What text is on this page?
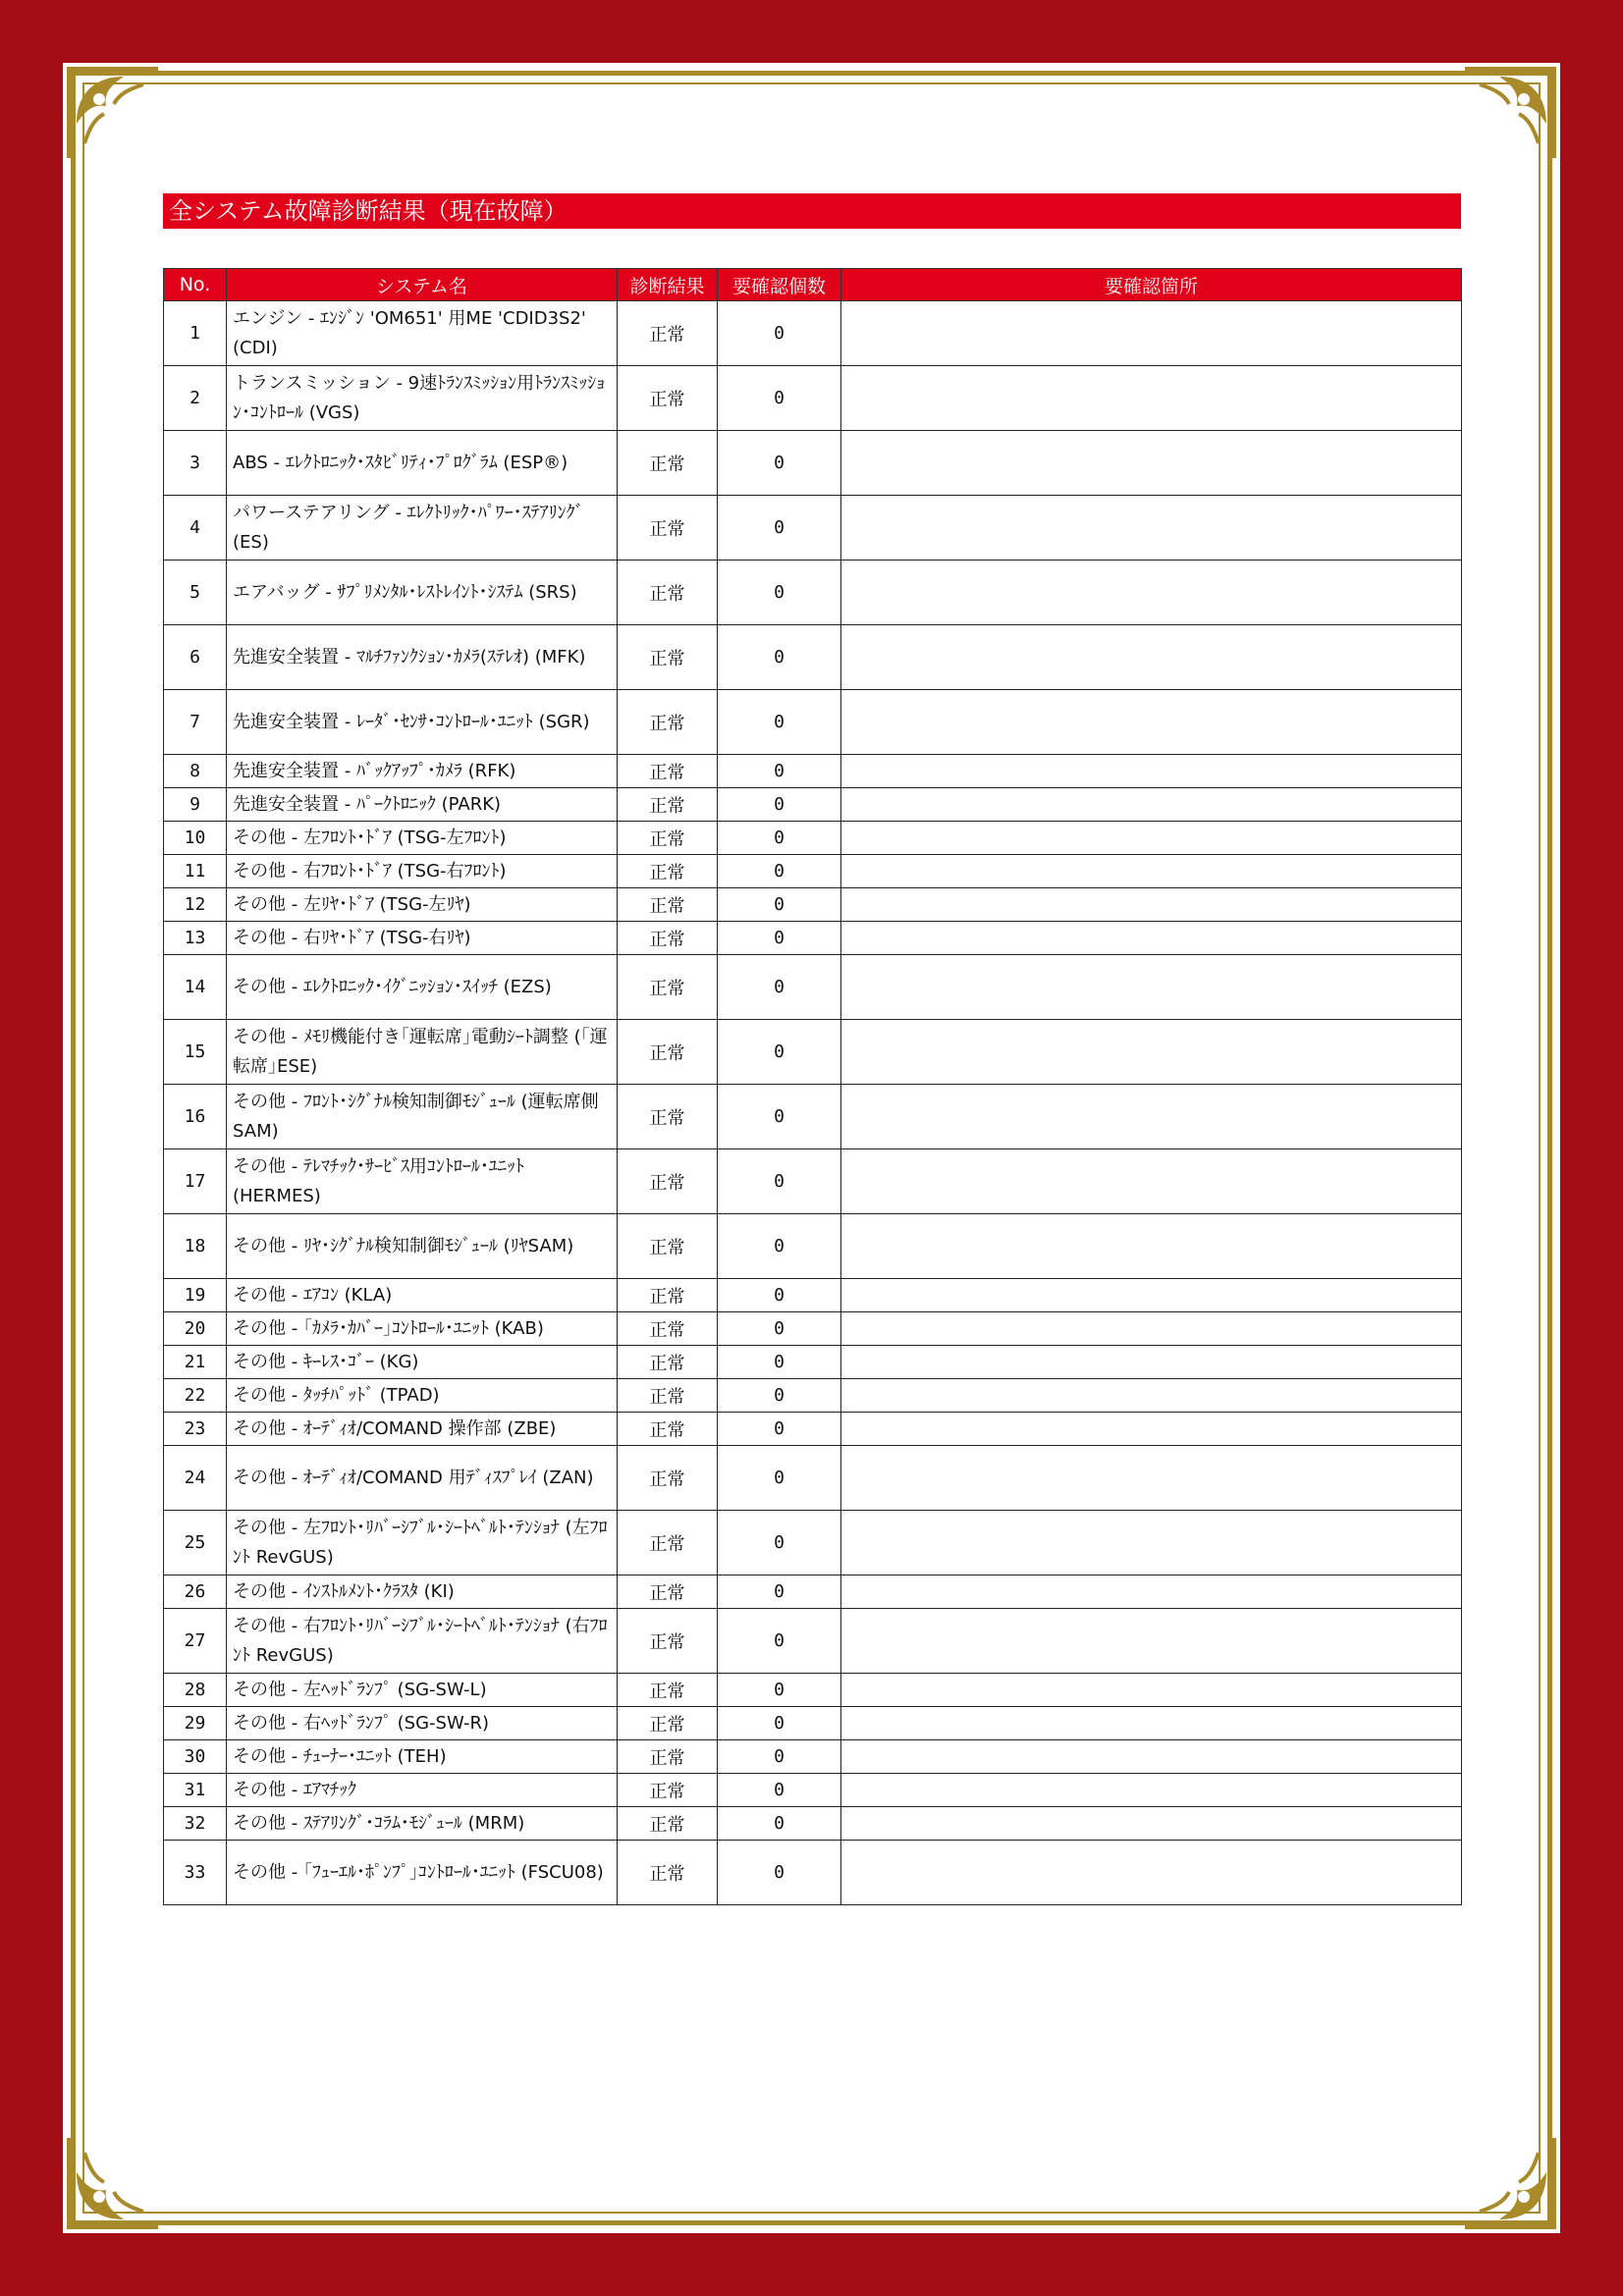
全システム故障診断結果（現在故障）
No.	システム名	診断結果	要確認個数	要確認箇所
1	エンジン - ｴﾝｼﾞﾝ 'OM651' 用ME 'CDID3S2' (CDI)	正常	0	
2	トランスミッション - 9速ﾄﾗﾝｽﾐｯｼｮﾝ用ﾄﾗﾝｽﾐｯｼｮﾝ･ｺﾝﾄﾛｰﾙ (VGS)	正常	0	
3	ABS - ｴﾚｸﾄﾛﾆｯｸ･ｽﾀﾋﾞﾘﾃｨ･ﾌﾟﾛｸﾞﾗﾑ (ESP®)	正常	0	
4	パワーステアリング - ｴﾚｸﾄﾘｯｸ･ﾊﾟﾜｰ･ｽﾃｱﾘﾝｸﾞ (ES)	正常	0	
5	エアバッグ - ｻﾌﾟﾘﾒﾝﾀﾙ･ﾚｽﾄﾚｲﾝﾄ･ｼｽﾃﾑ (SRS)	正常	0	
6	先進安全装置 - ﾏﾙﾁﾌｧﾝｸｼｮﾝ･ｶﾒﾗ(ｽﾃﾚｵ) (MFK)	正常	0	
7	先進安全装置 - ﾚｰﾀﾞ･ｾﾝｻ･ｺﾝﾄﾛｰﾙ･ﾕﾆｯﾄ (SGR)	正常	0	
8	先進安全装置 - ﾊﾞｯｸｱｯﾌﾟ･ｶﾒﾗ (RFK)	正常	0	
9	先進安全装置 - ﾊﾟｰｸﾄﾛﾆｯｸ (PARK)	正常	0	
10	その他 - 左ﾌﾛﾝﾄ･ﾄﾞｱ (TSG-左ﾌﾛﾝﾄ)	正常	0	
11	その他 - 右ﾌﾛﾝﾄ･ﾄﾞｱ (TSG-右ﾌﾛﾝﾄ)	正常	0	
12	その他 - 左ﾘﾔ･ﾄﾞｱ (TSG-左ﾘﾔ)	正常	0	
13	その他 - 右ﾘﾔ･ﾄﾞｱ (TSG-右ﾘﾔ)	正常	0	
14	その他 - ｴﾚｸﾄﾛﾆｯｸ･ｲｸﾞﾆｯｼｮﾝ･ｽｲｯﾁ (EZS)	正常	0	
15	その他 - ﾒﾓﾘ機能付き｢運転席｣電動ｼｰﾄ調整 (｢運転席｣ESE)	正常	0	
16	その他 - ﾌﾛﾝﾄ･ｼｸﾞﾅﾙ検知制御ﾓｼﾞｭｰﾙ (運転席側SAM)	正常	0	
17	その他 - ﾃﾚﾏﾁｯｸ･ｻｰﾋﾞｽ用ｺﾝﾄﾛｰﾙ･ﾕﾆｯﾄ (HERMES)	正常	0	
18	その他 - ﾘﾔ･ｼｸﾞﾅﾙ検知制御ﾓｼﾞｭｰﾙ (ﾘﾔSAM)	正常	0	
19	その他 - ｴｱｺﾝ (KLA)	正常	0	
20	その他 - ｢ｶﾒﾗ･ｶﾊﾞｰ｣ｺﾝﾄﾛｰﾙ･ﾕﾆｯﾄ (KAB)	正常	0	
21	その他 - ｷｰﾚｽ･ｺﾞｰ (KG)	正常	0	
22	その他 - ﾀｯﾁﾊﾟｯﾄﾞ (TPAD)	正常	0	
23	その他 - ｵｰﾃﾞｨｵ/COMAND 操作部 (ZBE)	正常	0	
24	その他 - ｵｰﾃﾞｨｵ/COMAND 用ﾃﾞｨｽﾌﾟﾚｲ (ZAN)	正常	0	
25	その他 - 左ﾌﾛﾝﾄ･ﾘﾊﾞｰｼﾌﾞﾙ･ｼｰﾄﾍﾞﾙﾄ･ﾃﾝｼｮﾅ (左ﾌﾛﾝﾄ RevGUS)	正常	0	
26	その他 - ｲﾝｽﾄﾙﾒﾝﾄ･ｸﾗｽﾀ (KI)	正常	0	
27	その他 - 右ﾌﾛﾝﾄ･ﾘﾊﾞｰｼﾌﾞﾙ･ｼｰﾄﾍﾞﾙﾄ･ﾃﾝｼｮﾅ (右ﾌﾛﾝﾄ RevGUS)	正常	0	
28	その他 - 左ﾍｯﾄﾞﾗﾝﾌﾟ (SG-SW-L)	正常	0	
29	その他 - 右ﾍｯﾄﾞﾗﾝﾌﾟ (SG-SW-R)	正常	0	
30	その他 - ﾁｭｰﾅｰ･ﾕﾆｯﾄ (TEH)	正常	0	
31	その他 - ｴｱﾏﾁｯｸ	正常	0	
32	その他 - ｽﾃｱﾘﾝｸﾞ･ｺﾗﾑ･ﾓｼﾞｭｰﾙ (MRM)	正常	0	
33	その他 - ｢ﾌｭｰｴﾙ･ﾎﾟﾝﾌﾟ｣ｺﾝﾄﾛｰﾙ･ﾕﾆｯﾄ (FSCU08)	正常	0	
